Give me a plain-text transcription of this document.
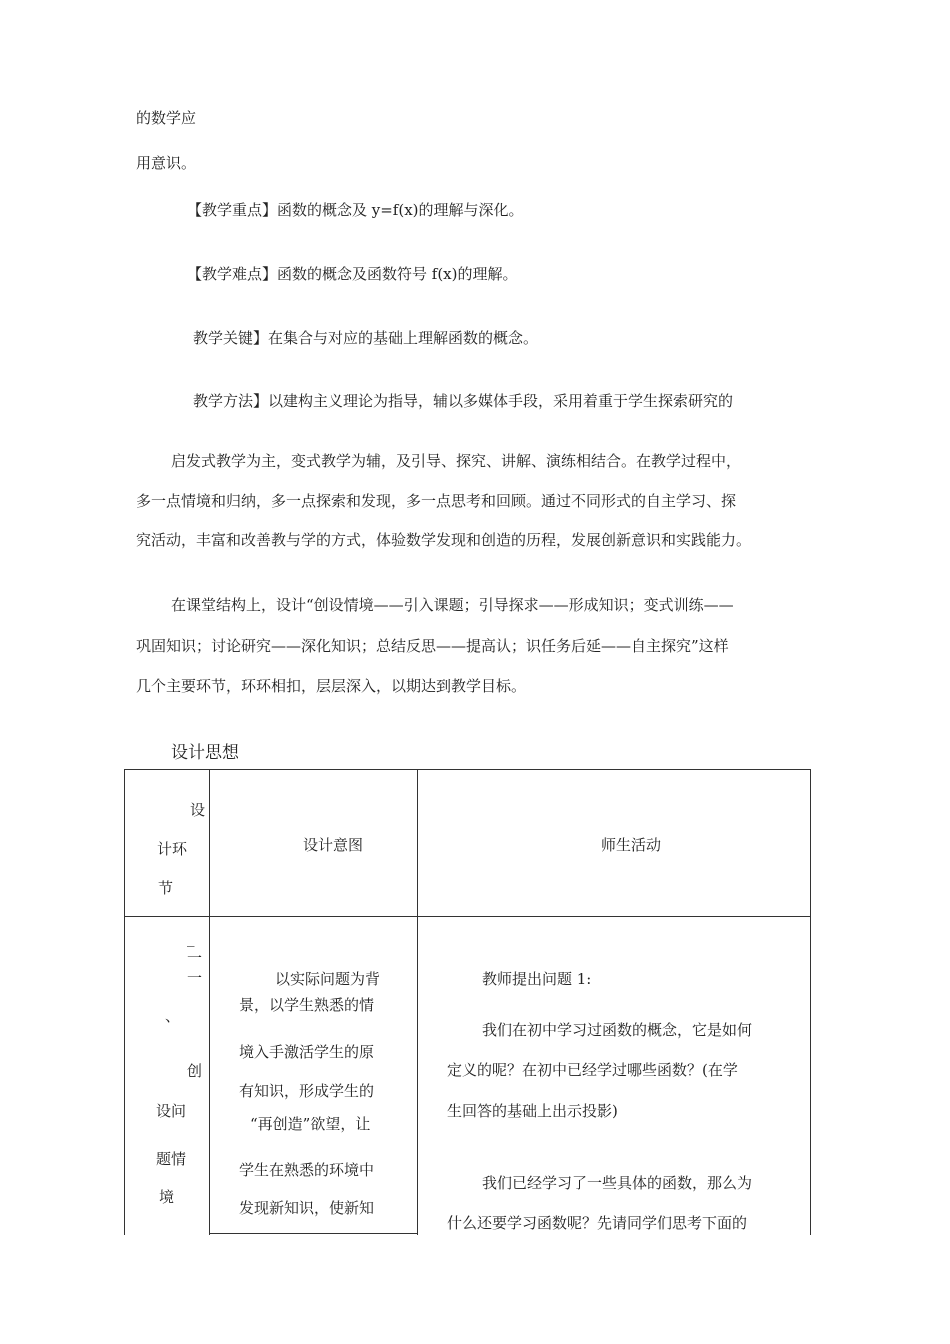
的数学应
用意识。
【教学重点】函数的概念及 y=f(x)的理解与深化。
【教学难点】函数的概念及函数符号 f(x)的理解。
教学关键】在集合与对应的基础上理解函数的概念。
教学方法】以建构主义理论为指导，辅以多媒体手段，采用着重于学生探索研究的
启发式教学为主，变式教学为辅，及引导、探究、讲解、演练相结合。在教学过程中，
多一点情境和归纳，多一点探索和发现，多一点思考和回顾。通过不同形式的自主学习、探
究活动，丰富和改善教与学的方式，体验数学发现和创造的历程，发展创新意识和实践能力。
在课堂结构上，设计“创设情境——引入课题；引导探求——形成知识；变式训练——
巩固知识；讨论研究——深化知识；总结反思——提高认；识任务后延——自主探究”这样
几个主要环节，环环相扣，层层深入，以期达到教学目标。
设计思想
设
计环
节
设计意图	师生活动
_
一
一
、
创
设问
题情
境
以实际问题为背
景，以学生熟悉的情
境入手激活学生的原
有知识，形成学生的
“再创造”欲望，让
学生在熟悉的环境中
发现新知识，使新知
教师提出问题 1:
我们在初中学习过函数的概念，它是如何
定义的呢？在初中已经学过哪些函数？(在学
生回答的基础上出示投影)
我们已经学习了一些具体的函数，那么为
什么还要学习函数呢？先请同学们思考下面的
